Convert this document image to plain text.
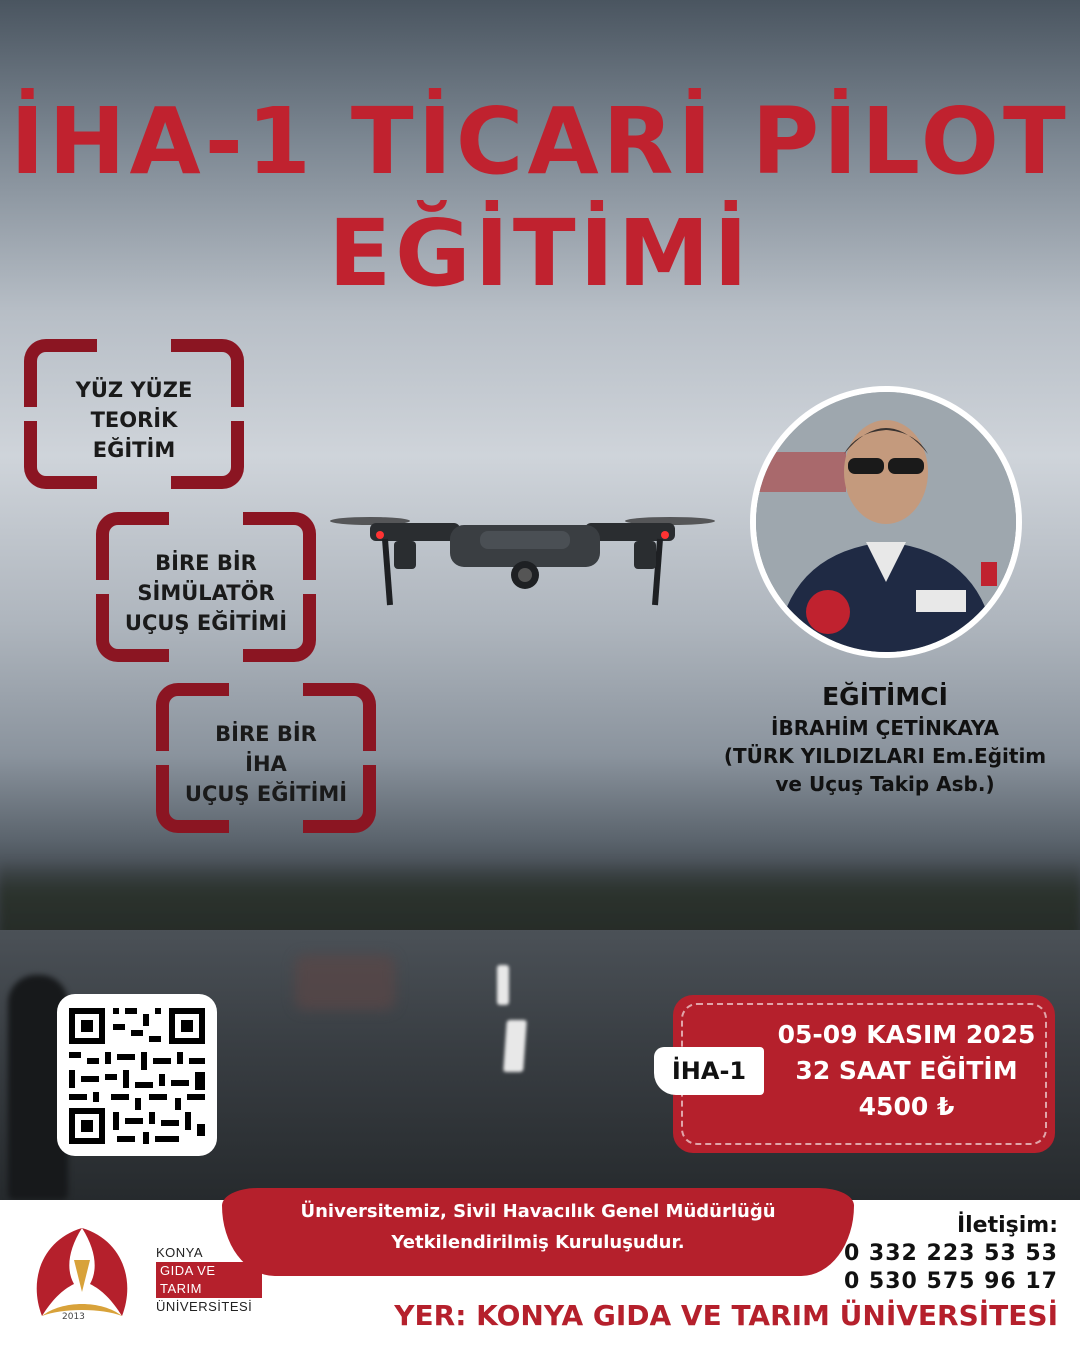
İHA-1 TİCARİ PİLOT
EĞİTİMİ
YÜZ YÜZE
TEORİK
EĞİTİM
BİRE BİR
SİMÜLATÖR
UÇUŞ EĞİTİMİ
BİRE BİR
İHA
UÇUŞ EĞİTİMİ
EĞİTİMCİ
İBRAHİM ÇETİNKAYA
(TÜRK YILDIZLARI Em.Eğitim
ve Uçuş Takip Asb.)
05-09 KASIM 2025
32 SAAT EĞİTİM
4500 ₺
İHA-1
Üniversitemiz, Sivil Havacılık Genel Müdürlüğü
Yetkilendirilmiş Kuruluşudur.
KONYA
GIDA VE TARIM
ÜNİVERSİTESİ
2013
İletişim:
0 332 223 53 53
0 530 575 96 17
YER: KONYA GIDA VE TARIM ÜNİVERSİTESİ
